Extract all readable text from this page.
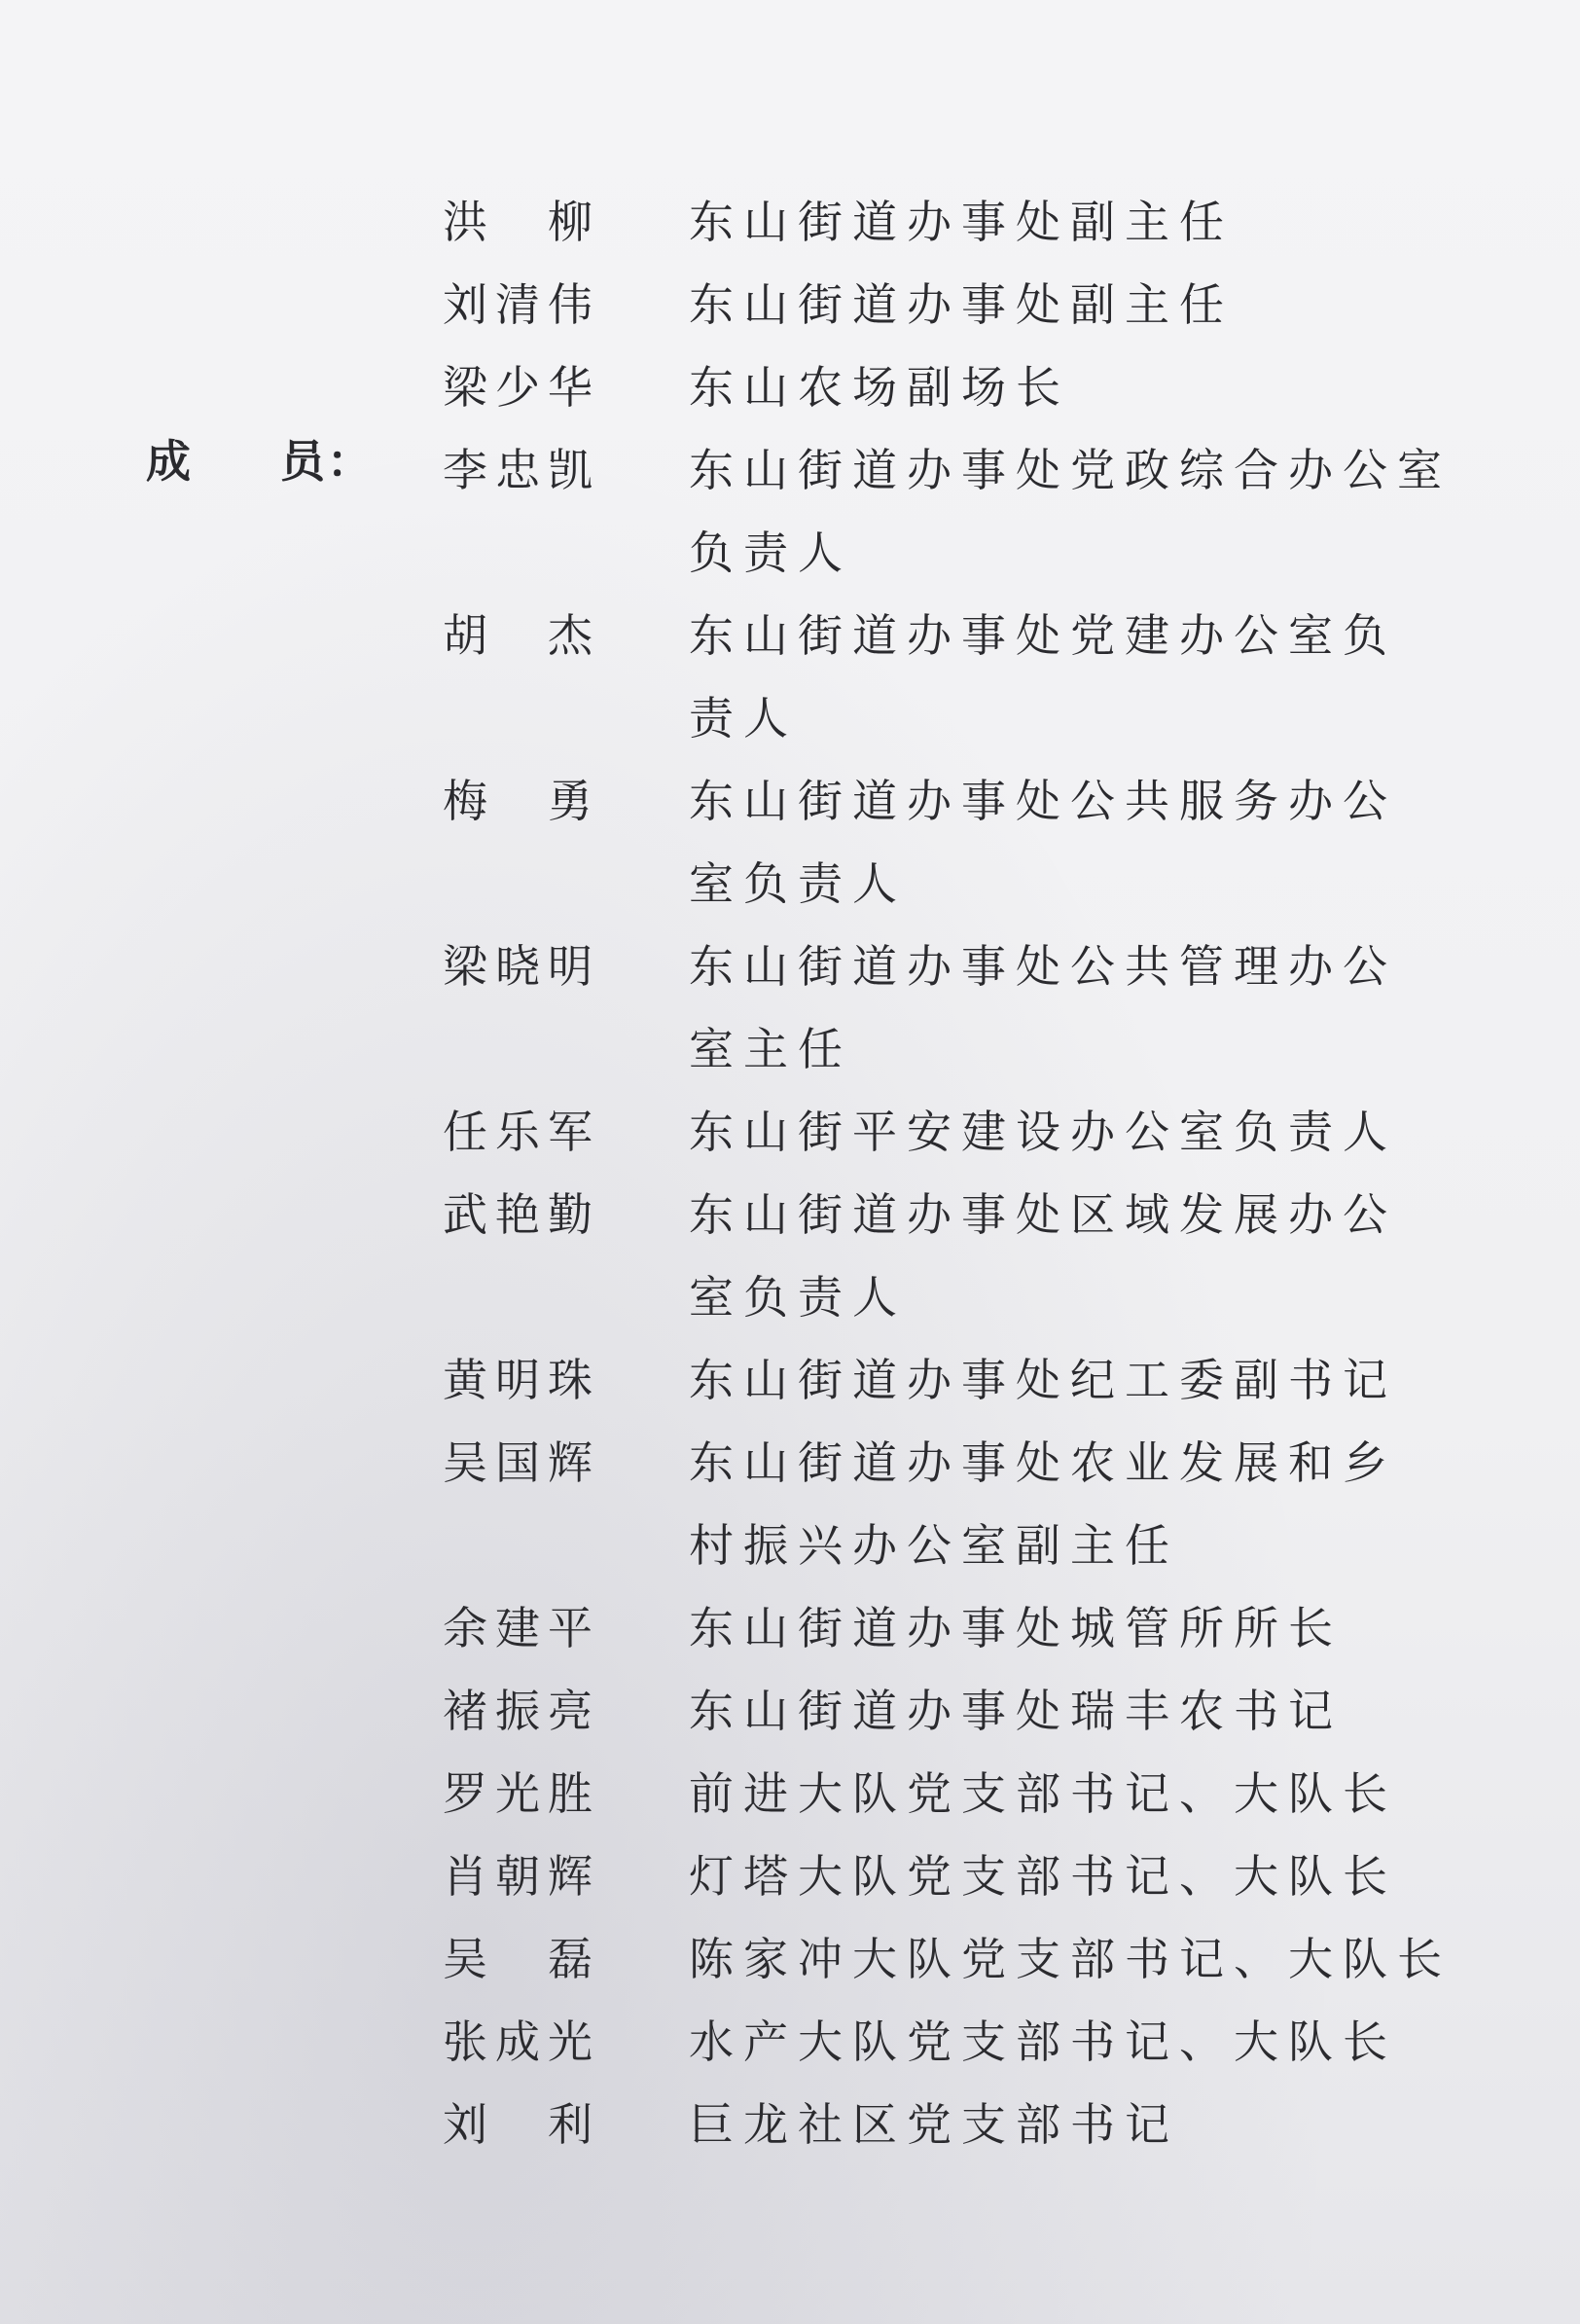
成 员：
洪 柳 东山街道办事处副主任
刘清伟 东山街道办事处副主任
梁少华 东山农场副场长
李忠凯 东山街道办事处党政综合办公室
负责人
胡 杰 东山街道办事处党建办公室负
责人
梅 勇 东山街道办事处公共服务办公
室负责人
梁晓明 东山街道办事处公共管理办公
室主任
任乐军 东山街平安建设办公室负责人
武艳勤 东山街道办事处区域发展办公
室负责人
黄明珠 东山街道办事处纪工委副书记
吴国辉 东山街道办事处农业发展和乡
村振兴办公室副主任
余建平 东山街道办事处城管所所长
褚振亮 东山街道办事处瑞丰农书记
罗光胜 前进大队党支部书记、大队长
肖朝辉 灯塔大队党支部书记、大队长
吴 磊 陈家冲大队党支部书记、大队长
张成光 水产大队党支部书记、大队长
刘 利 巨龙社区党支部书记
